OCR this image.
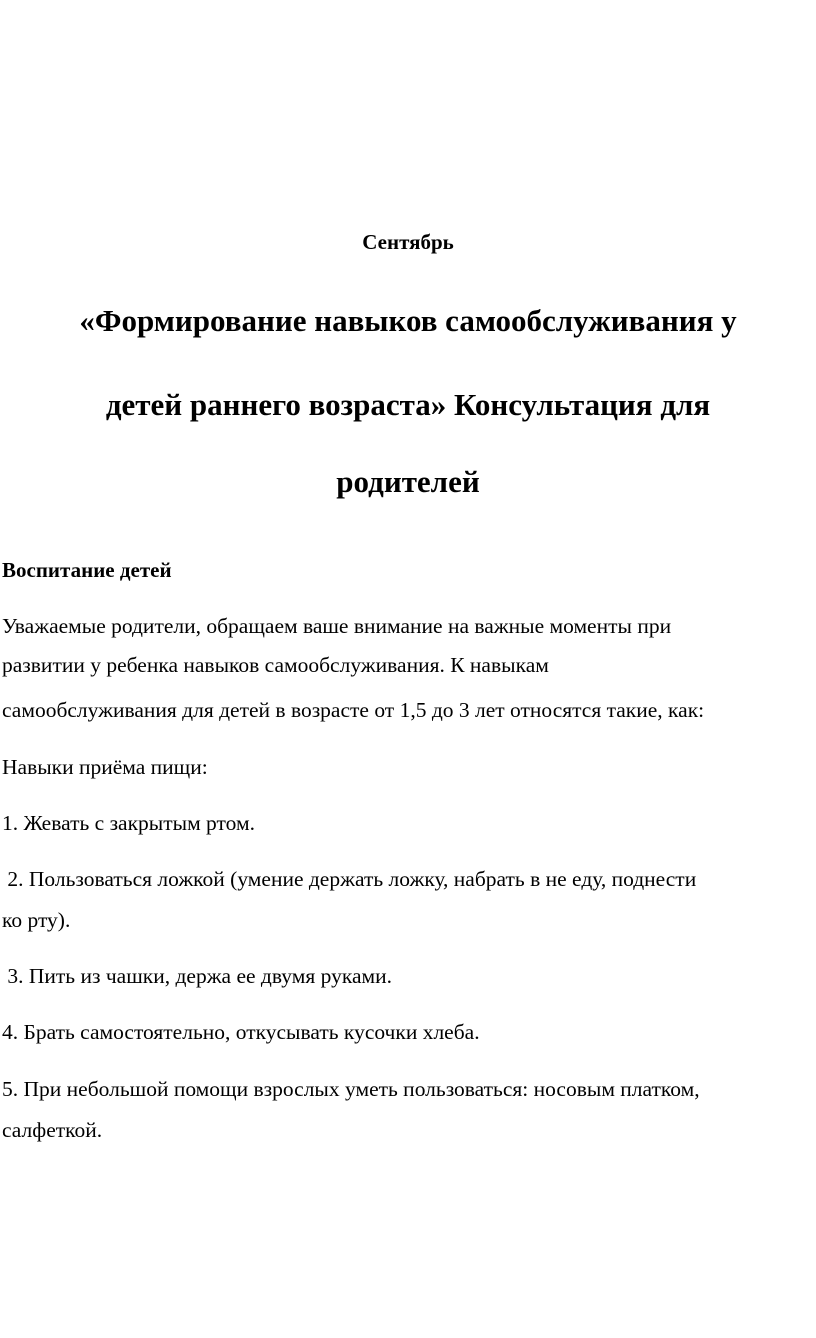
Сентябрь
«Формирование навыков самообслуживания у
детей раннего возраста» Консультация для
родителей
Воспитание детей
Уважаемые родители, обращаем ваше внимание на важные моменты при
развитии у ребенка навыков самообслуживания. К навыкам
самообслуживания для детей в возрасте от 1,5 до 3 лет относятся такие, как:
Навыки приёма пищи:
1. Жевать с закрытым ртом.
2. Пользоваться ложкой (умение держать ложку, набрать в не еду, поднести
ко рту).
3. Пить из чашки, держа ее двумя руками.
4. Брать самостоятельно, откусывать кусочки хлеба.
5. При небольшой помощи взрослых уметь пользоваться: носовым платком,
салфеткой.
